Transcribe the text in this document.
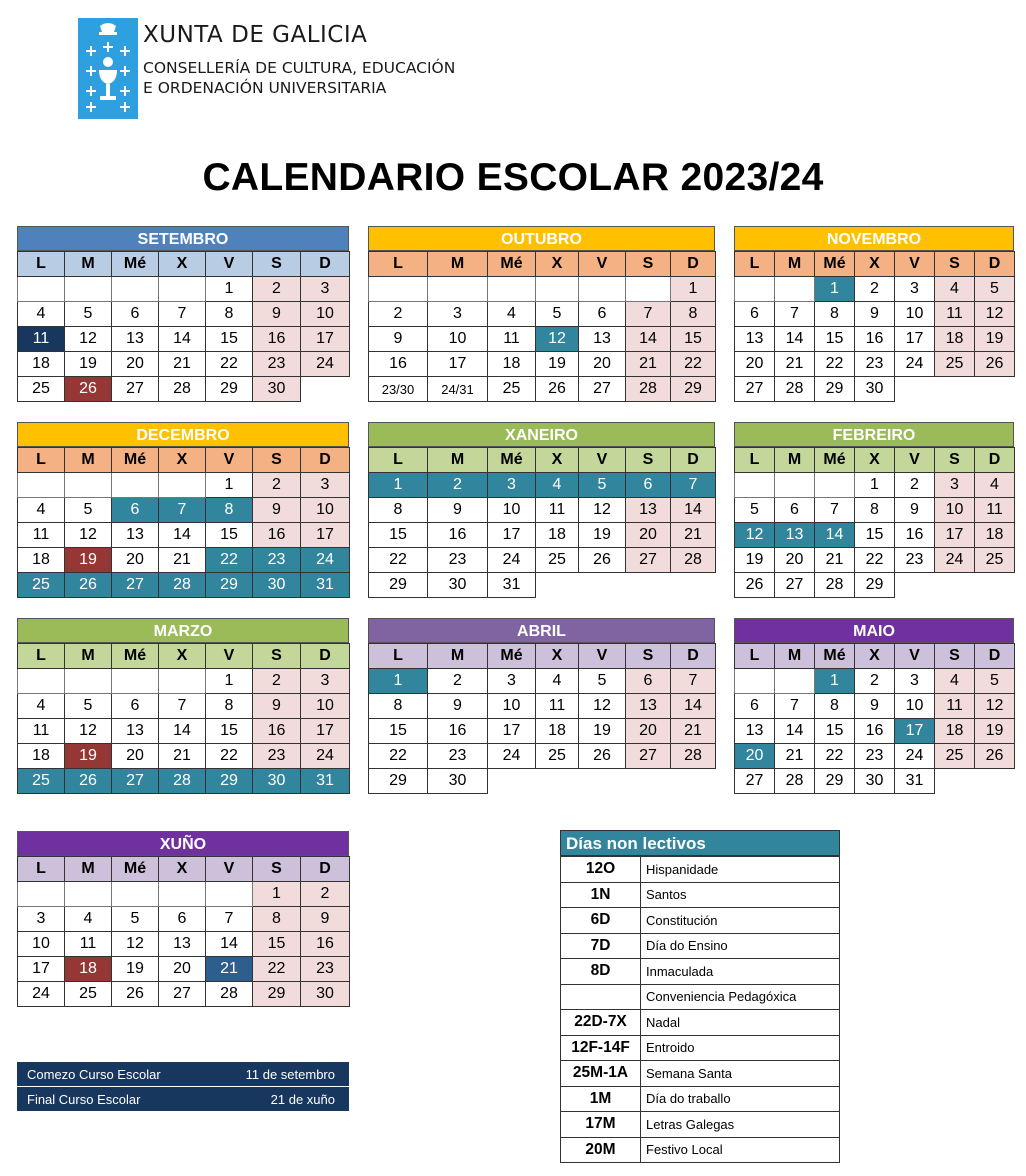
XUNTA DE GALICIA
CONSELLERÍA DE CULTURA, EDUCACIÓN
E ORDENACIÓN UNIVERSITARIA
CALENDARIO ESCOLAR 2023/24
SETEMBRO
L	M	Mé	X	V	S	D
				1	2	3
4	5	6	7	8	9	10
11	12	13	14	15	16	17
18	19	20	21	22	23	24
25	26	27	28	29	30	
OUTUBRO
L	M	Mé	X	V	S	D
						1
2	3	4	5	6	7	8
9	10	11	12	13	14	15
16	17	18	19	20	21	22
23/30	24/31	25	26	27	28	29
NOVEMBRO
L	M	Mé	X	V	S	D
		1	2	3	4	5
6	7	8	9	10	11	12
13	14	15	16	17	18	19
20	21	22	23	24	25	26
27	28	29	30			
DECEMBRO
L	M	Mé	X	V	S	D
				1	2	3
4	5	6	7	8	9	10
11	12	13	14	15	16	17
18	19	20	21	22	23	24
25	26	27	28	29	30	31
XANEIRO
L	M	Mé	X	V	S	D
1	2	3	4	5	6	7
8	9	10	11	12	13	14
15	16	17	18	19	20	21
22	23	24	25	26	27	28
29	30	31				
FEBREIRO
L	M	Mé	X	V	S	D
			1	2	3	4
5	6	7	8	9	10	11
12	13	14	15	16	17	18
19	20	21	22	23	24	25
26	27	28	29			
MARZO
L	M	Mé	X	V	S	D
				1	2	3
4	5	6	7	8	9	10
11	12	13	14	15	16	17
18	19	20	21	22	23	24
25	26	27	28	29	30	31
ABRIL
L	M	Mé	X	V	S	D
1	2	3	4	5	6	7
8	9	10	11	12	13	14
15	16	17	18	19	20	21
22	23	24	25	26	27	28
29	30					
MAIO
L	M	Mé	X	V	S	D
		1	2	3	4	5
6	7	8	9	10	11	12
13	14	15	16	17	18	19
20	21	22	23	24	25	26
27	28	29	30	31		
XUÑO
L	M	Mé	X	V	S	D
					1	2
3	4	5	6	7	8	9
10	11	12	13	14	15	16
17	18	19	20	21	22	23
24	25	26	27	28	29	30
Comezo Curso Escolar	11 de setembro
Final Curso Escolar	21 de xuño
Días non lectivos
12O	Hispanidade
1N	Santos
6D	Constitución
7D	Día do Ensino
8D	Inmaculada
	Conveniencia Pedagóxica
22D-7X	Nadal
12F-14F	Entroido
25M-1A	Semana Santa
1M	Día do traballo
17M	Letras Galegas
20M	Festivo Local
